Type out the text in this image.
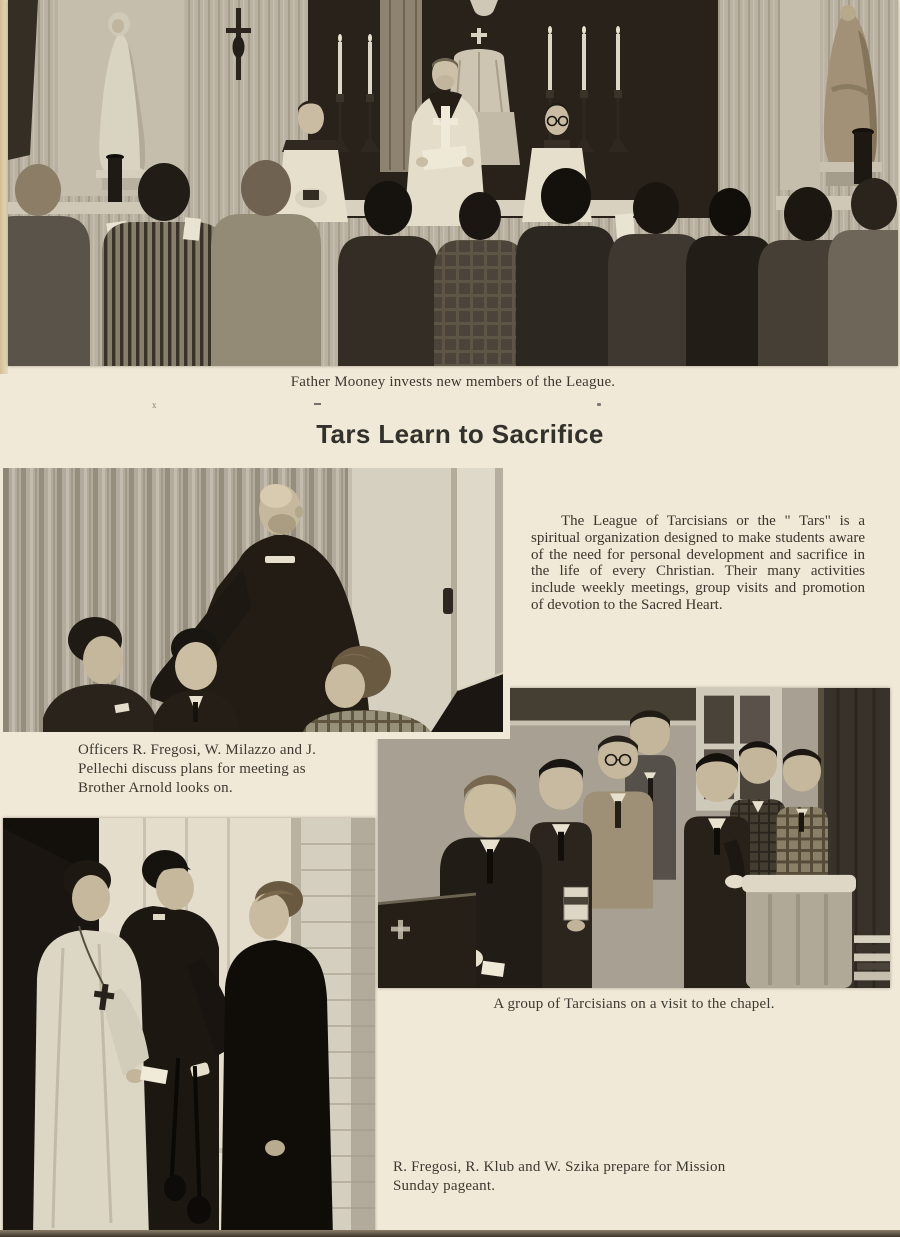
Father Mooney invests new members of the League.
x
Tars Learn to Sacrifice
The League of Tarcisians or the " Tars" is a spiritual organization designed to make students aware of the need for personal development and sacrifice in the life of every Christian. Their many activities include weekly meetings, group visits and promotion of devotion to the Sacred Heart.
Officers R. Fregosi, W. Milazzo and J.
Pellechi discuss plans for meeting as
Brother Arnold looks on.
A group of Tarcisians on a visit to the chapel.
R. Fregosi, R. Klub and W. Szika prepare for Mission
Sunday pageant.
